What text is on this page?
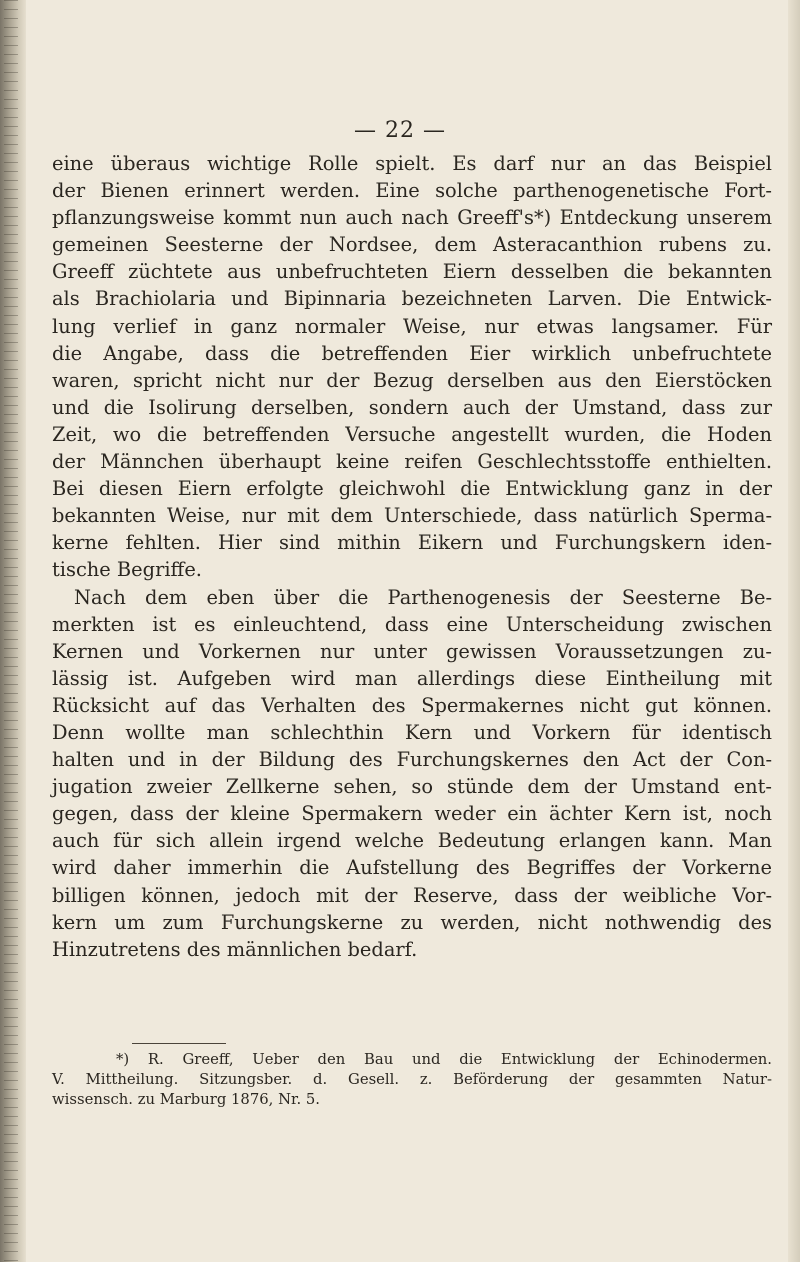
— 22 —
eine überaus wichtige Rolle spielt. Es darf nur an das Beispiel
der Bienen erinnert werden. Eine solche parthenogenetische Fort-
pflanzungsweise kommt nun auch nach Greeff's*) Entdeckung unserem
gemeinen Seesterne der Nordsee, dem Asteracanthion rubens zu.
Greeff züchtete aus unbefruchteten Eiern desselben die bekannten
als Brachiolaria und Bipinnaria bezeichneten Larven. Die Entwick-
lung verlief in ganz normaler Weise, nur etwas langsamer. Für
die Angabe, dass die betreffenden Eier wirklich unbefruchtete
waren, spricht nicht nur der Bezug derselben aus den Eierstöcken
und die Isolirung derselben, sondern auch der Umstand, dass zur
Zeit, wo die betreffenden Versuche angestellt wurden, die Hoden
der Männchen überhaupt keine reifen Geschlechtsstoffe enthielten.
Bei diesen Eiern erfolgte gleichwohl die Entwicklung ganz in der
bekannten Weise, nur mit dem Unterschiede, dass natürlich Sperma-
kerne fehlten. Hier sind mithin Eikern und Furchungskern iden-
tische Begriffe.
Nach dem eben über die Parthenogenesis der Seesterne Be-
merkten ist es einleuchtend, dass eine Unterscheidung zwischen
Kernen und Vorkernen nur unter gewissen Voraussetzungen zu-
lässig ist. Aufgeben wird man allerdings diese Eintheilung mit
Rücksicht auf das Verhalten des Spermakernes nicht gut können.
Denn wollte man schlechthin Kern und Vorkern für identisch
halten und in der Bildung des Furchungskernes den Act der Con-
jugation zweier Zellkerne sehen, so stünde dem der Umstand ent-
gegen, dass der kleine Spermakern weder ein ächter Kern ist, noch
auch für sich allein irgend welche Bedeutung erlangen kann. Man
wird daher immerhin die Aufstellung des Begriffes der Vorkerne
billigen können, jedoch mit der Reserve, dass der weibliche Vor-
kern um zum Furchungskerne zu werden, nicht nothwendig des
Hinzutretens des männlichen bedarf.
*) R. Greeff, Ueber den Bau und die Entwicklung der Echinodermen.
V. Mittheilung. Sitzungsber. d. Gesell. z. Beförderung der gesammten Natur-
wissensch. zu Marburg 1876, Nr. 5.
